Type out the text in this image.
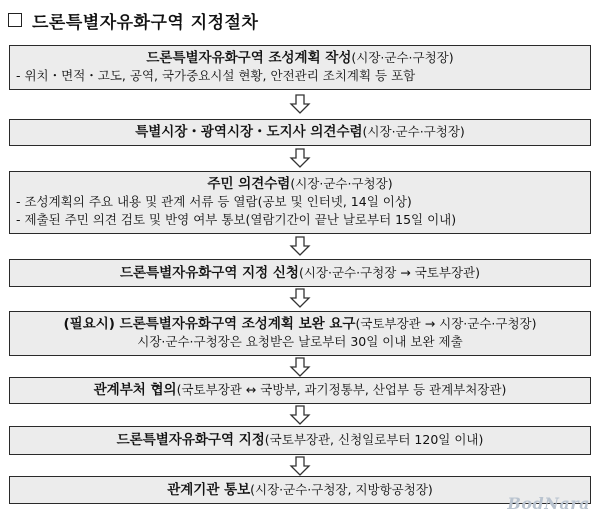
드론특별자유화구역 지정절차
드론특별자유화구역 조성계획 작성(시장·군수·구청장)
- 위치・면적・고도, 공역, 국가중요시설 현황, 안전관리 조치계획 등 포함
특별시장・광역시장・도지사 의견수렴(시장·군수·구청장)
주민 의견수렴(시장·군수·구청장)
- 조성계획의 주요 내용 및 관계 서류 등 열람(공보 및 인터넷, 14일 이상)
- 제출된 주민 의견 검토 및 반영 여부 통보(열람기간이 끝난 날로부터 15일 이내)
드론특별자유화구역 지정 신청(시장·군수·구청장 → 국토부장관)
(필요시) 드론특별자유화구역 조성계획 보완 요구(국토부장관 → 시장·군수·구청장)
시장·군수·구청장은 요청받은 날로부터 30일 이내 보완 제출
관계부처 협의(국토부장관 ↔ 국방부, 과기정통부, 산업부 등 관계부처장관)
드론특별자유화구역 지정(국토부장관, 신청일로부터 120일 이내)
관계기관 통보(시장·군수·구청장, 지방항공청장)
BodNara
